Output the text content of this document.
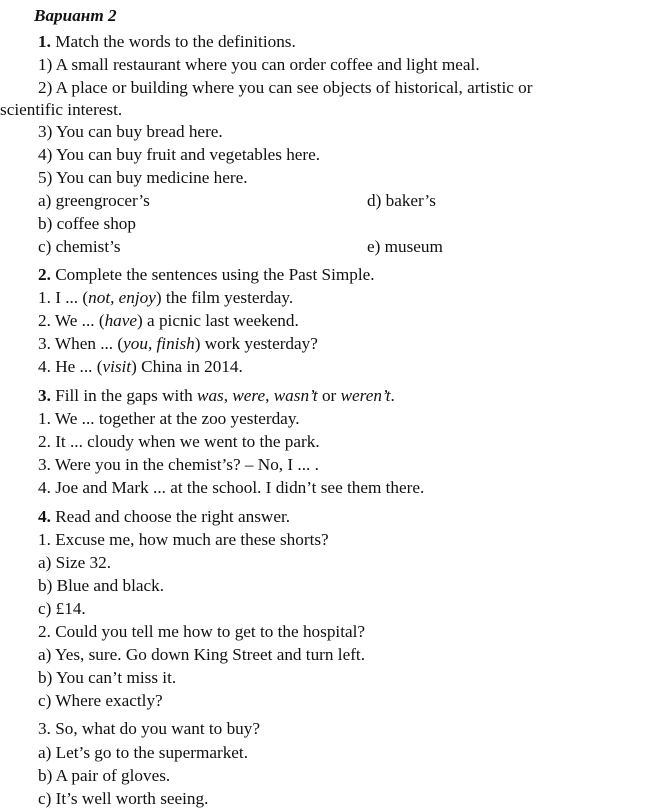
Вариант 2
1. Match the words to the definitions.
1) A small restaurant where you can order coffee and light meal.
2) A place or building where you can see objects of historical, artistic or
scientific interest.
3) You can buy bread here.
4) You can buy fruit and vegetables here.
5) You can buy medicine here.
a) greengrocer’s
b) coffee shop
c) chemist’s
d) baker’s
e) museum
2. Complete the sentences using the Past Simple.
1. I ... (not, enjoy) the film yesterday.
2. We ... (have) a picnic last weekend.
3. When ... (you, finish) work yesterday?
4. He ... (visit) China in 2014.
3. Fill in the gaps with was, were, wasn’t or weren’t.
1. We ... together at the zoo yesterday.
2. It ... cloudy when we went to the park.
3. Were you in the chemist’s? – No, I ... .
4. Joe and Mark ... at the school. I didn’t see them there.
4. Read and choose the right answer.
1. Excuse me, how much are these shorts?
a) Size 32.
b) Blue and black.
c) £14.
2. Could you tell me how to get to the hospital?
a) Yes, sure. Go down King Street and turn left.
b) You can’t miss it.
c) Where exactly?
3. So, what do you want to buy?
a) Let’s go to the supermarket.
b) A pair of gloves.
c) It’s well worth seeing.
